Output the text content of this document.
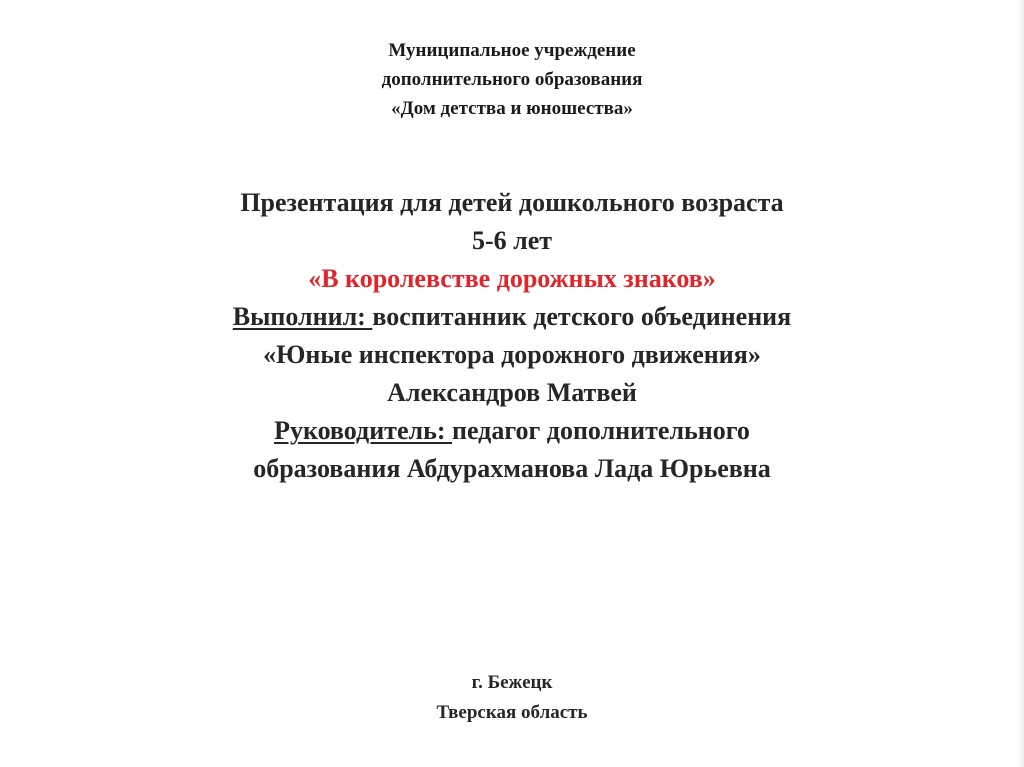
Муниципальное учреждение
дополнительного образования
«Дом детства и юношества»
Презентация для детей дошкольного возраста
5-6 лет
«В королевстве дорожных знаков»
Выполнил: воспитанник детского объединения
«Юные инспектора дорожного движения»
Александров Матвей
Руководитель: педагог дополнительного
образования Абдурахманова Лада Юрьевна
г. Бежецк
Тверская область
